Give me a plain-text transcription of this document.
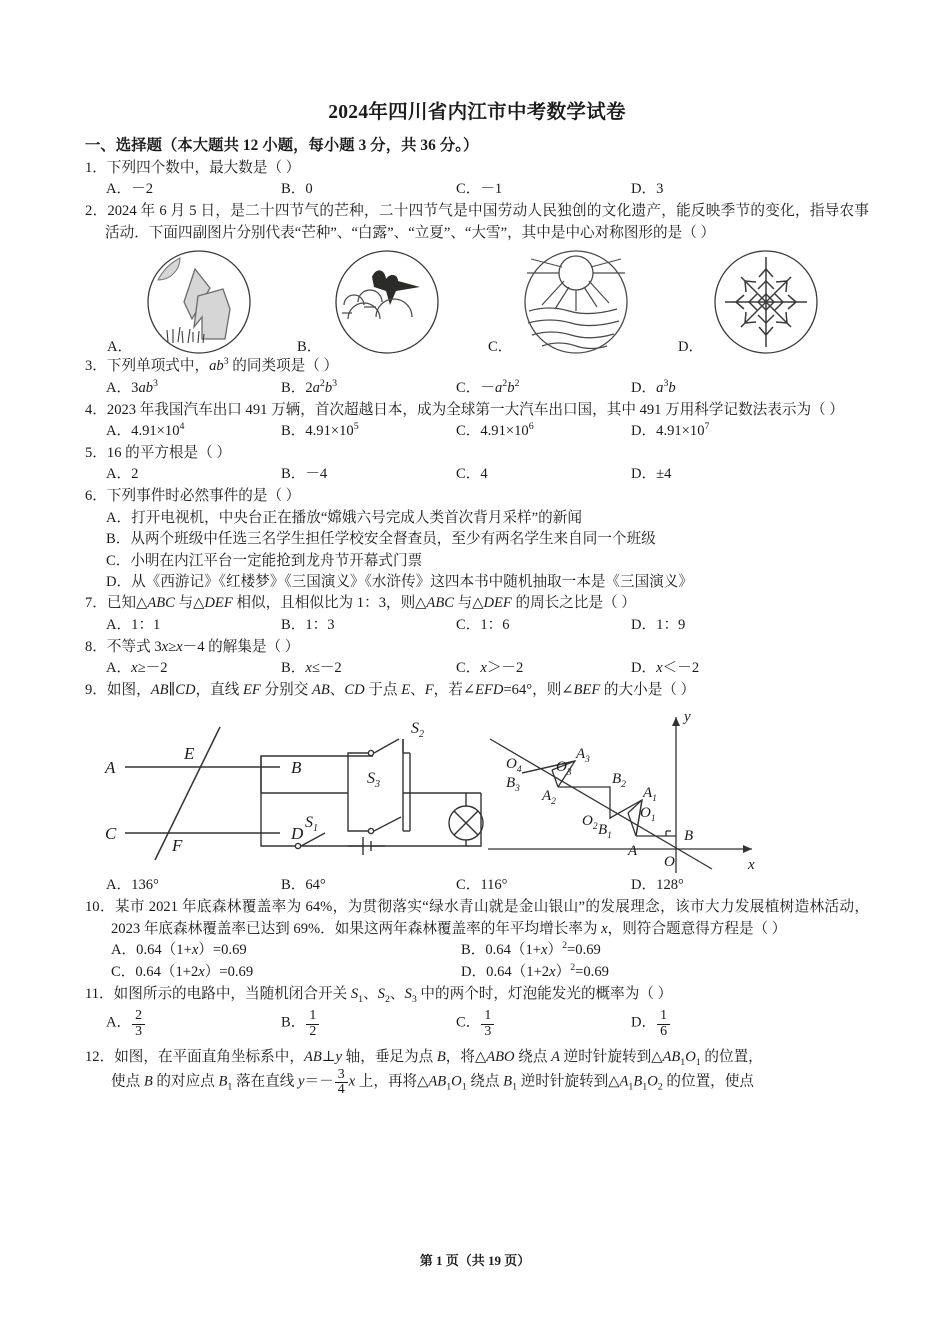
2024年四川省内江市中考数学试卷
一、选择题（本大题共 12 小题，每小题 3 分，共 36 分。）
1．下列四个数中，最大数是（ ）
A．－2	B．0	C．－1	D．3
2．2024 年 6 月 5 日，是二十四节气的芒种，二十四节气是中国劳动人民独创的文化遗产，能反映季节的变化，指导农事活动．下面四副图片分别代表“芒种”、“白露”、“立夏”、“大雪”，其中是中心对称图形的是（ ）
A．	B．	C．	D．
3．下列单项式中，$ab^3$ 的同类项是（ ）
A．$3ab^3$	B．$2a^2b^3$	C．$-a^2b^2$	D．$a^3b$
4．2023 年我国汽车出口 491 万辆，首次超越日本，成为全球第一大汽车出口国，其中 491 万用科学记数法表示为（ ）
A．$4.91\times 10^4$	B．$4.91\times 10^5$	C．$4.91\times 10^6$	D．$4.91\times 10^7$
5．16 的平方根是（ ）
A．2	B．－4	C．4	D．±4
6．下列事件时必然事件的是（ ）
A．打开电视机，中央台正在播放“嫦娥六号完成人类首次背月采样”的新闻
B．从两个班级中任选三名学生担任学校安全督查员，至少有两名学生来自同一个班级
C．小明在内江平台一定能抢到龙舟节开幕式门票
D．从《西游记》《红楼梦》《三国演义》《水浒传》这四本书中随机抽取一本是《三国演义》
7．已知△ABC 与△DEF 相似，且相似比为 1：3，则△ABC 与△DEF 的周长之比是（ ）
A．1：1	B．1：3	C．1：6	D．1：9
8．不等式 3x≥x－4 的解集是（ ）
A．x≥－2	B．x≤－2	C．x＞－2	D．x＜－2
9．如图，AB∥CD，直线 EF 分别交 AB、CD 于点 E、F，若∠EFD=64°，则∠BEF 的大小是（ ）
A	B
C	D
E
F
$S_2$
$S_3$
$S_1$
x
y
O
B
A
$A_1$
$O_1$
$B_1$
$O_2$
$B_2$
$A_2$
$A_3$
$O_3$
$B_3$
$O_4$
A．136°	B．64°	C．116°	D．128°
10．某市 2021 年底森林覆盖率为 64%，为贯彻落实“绿水青山就是金山银山”的发展理念，该市大力发展植树造林活动，2023 年底森林覆盖率已达到 69%．如果这两年森林覆盖率的年平均增长率为 x，则符合题意得方程是（ ）
A．0.64（1+x）=0.69	B．$0.64(1+x)^2=0.69$
C．0.64（1+2x）=0.69	D．$0.64(1+2x)^2=0.69$
11．如图所示的电路中，当随机闭合开关 $S_1$、$S_2$、$S_3$ 中的两个时，灯泡能发光的概率为（ ）
A． $\frac{2}{3}$	B． $\frac{1}{2}$	C． $\frac{1}{3}$	D． $\frac{1}{6}$
12．如图，在平面直角坐标系中，AB⊥y 轴，垂足为点 B，将△ABO 绕点 A 逆时针旋转到$\triangle AB_1O_1$ 的位置，
使点 B 的对应点 $B_1$ 落在直线 $y=- \frac{3}{4}$ x 上，再将$\triangle AB_1O_1$ 绕点 $B_1$ 逆时针旋转到$\triangle A_1B_1O_2$ 的位置，使点
第 1 页（共 19 页）
